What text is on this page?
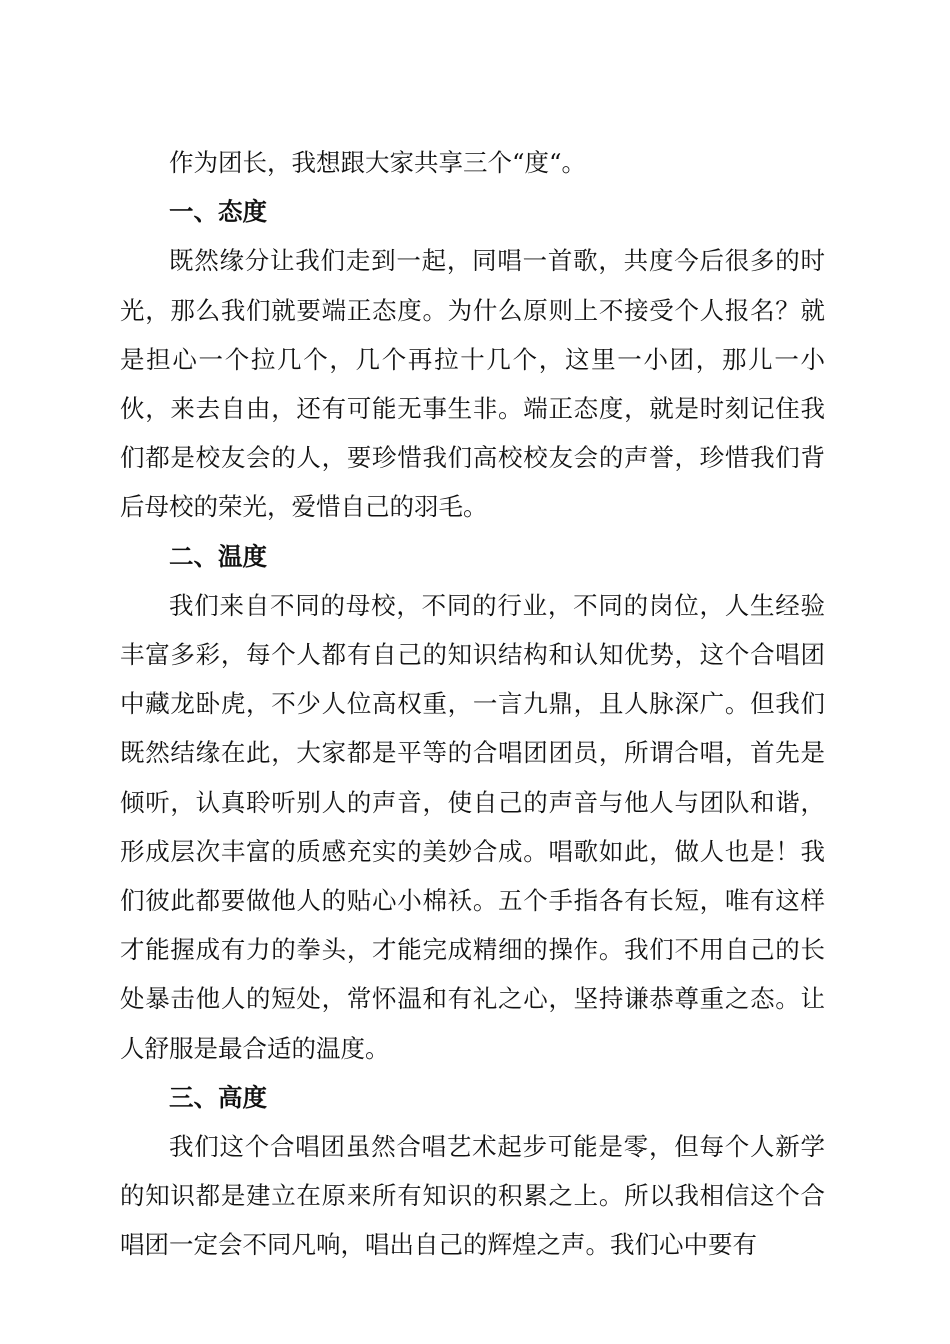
作为团长，我想跟大家共享三个“度“。

一、态度

既然缘分让我们走到一起，同唱一首歌，共度今后很多的时光，那么我们就要端正态度。为什么原则上不接受个人报名？就是担心一个拉几个，几个再拉十几个，这里一小团，那儿一小伙，来去自由，还有可能无事生非。端正态度，就是时刻记住我们都是校友会的人，要珍惜我们高校校友会的声誉，珍惜我们背后母校的荣光，爱惜自己的羽毛。

二、温度

我们来自不同的母校，不同的行业，不同的岗位，人生经验丰富多彩，每个人都有自己的知识结构和认知优势，这个合唱团中藏龙卧虎，不少人位高权重，一言九鼎，且人脉深广。但我们既然结缘在此，大家都是平等的合唱团团员，所谓合唱，首先是倾听，认真聆听别人的声音，使自己的声音与他人与团队和谐，形成层次丰富的质感充实的美妙合成。唱歌如此，做人也是！我们彼此都要做他人的贴心小棉袄。五个手指各有长短，唯有这样才能握成有力的拳头，才能完成精细的操作。我们不用自己的长处暴击他人的短处，常怀温和有礼之心，坚持谦恭尊重之态。让人舒服是最合适的温度。

三、高度

我们这个合唱团虽然合唱艺术起步可能是零，但每个人新学的知识都是建立在原来所有知识的积累之上。所以我相信这个合唱团一定会不同凡响，唱出自己的辉煌之声。我们心中要有
